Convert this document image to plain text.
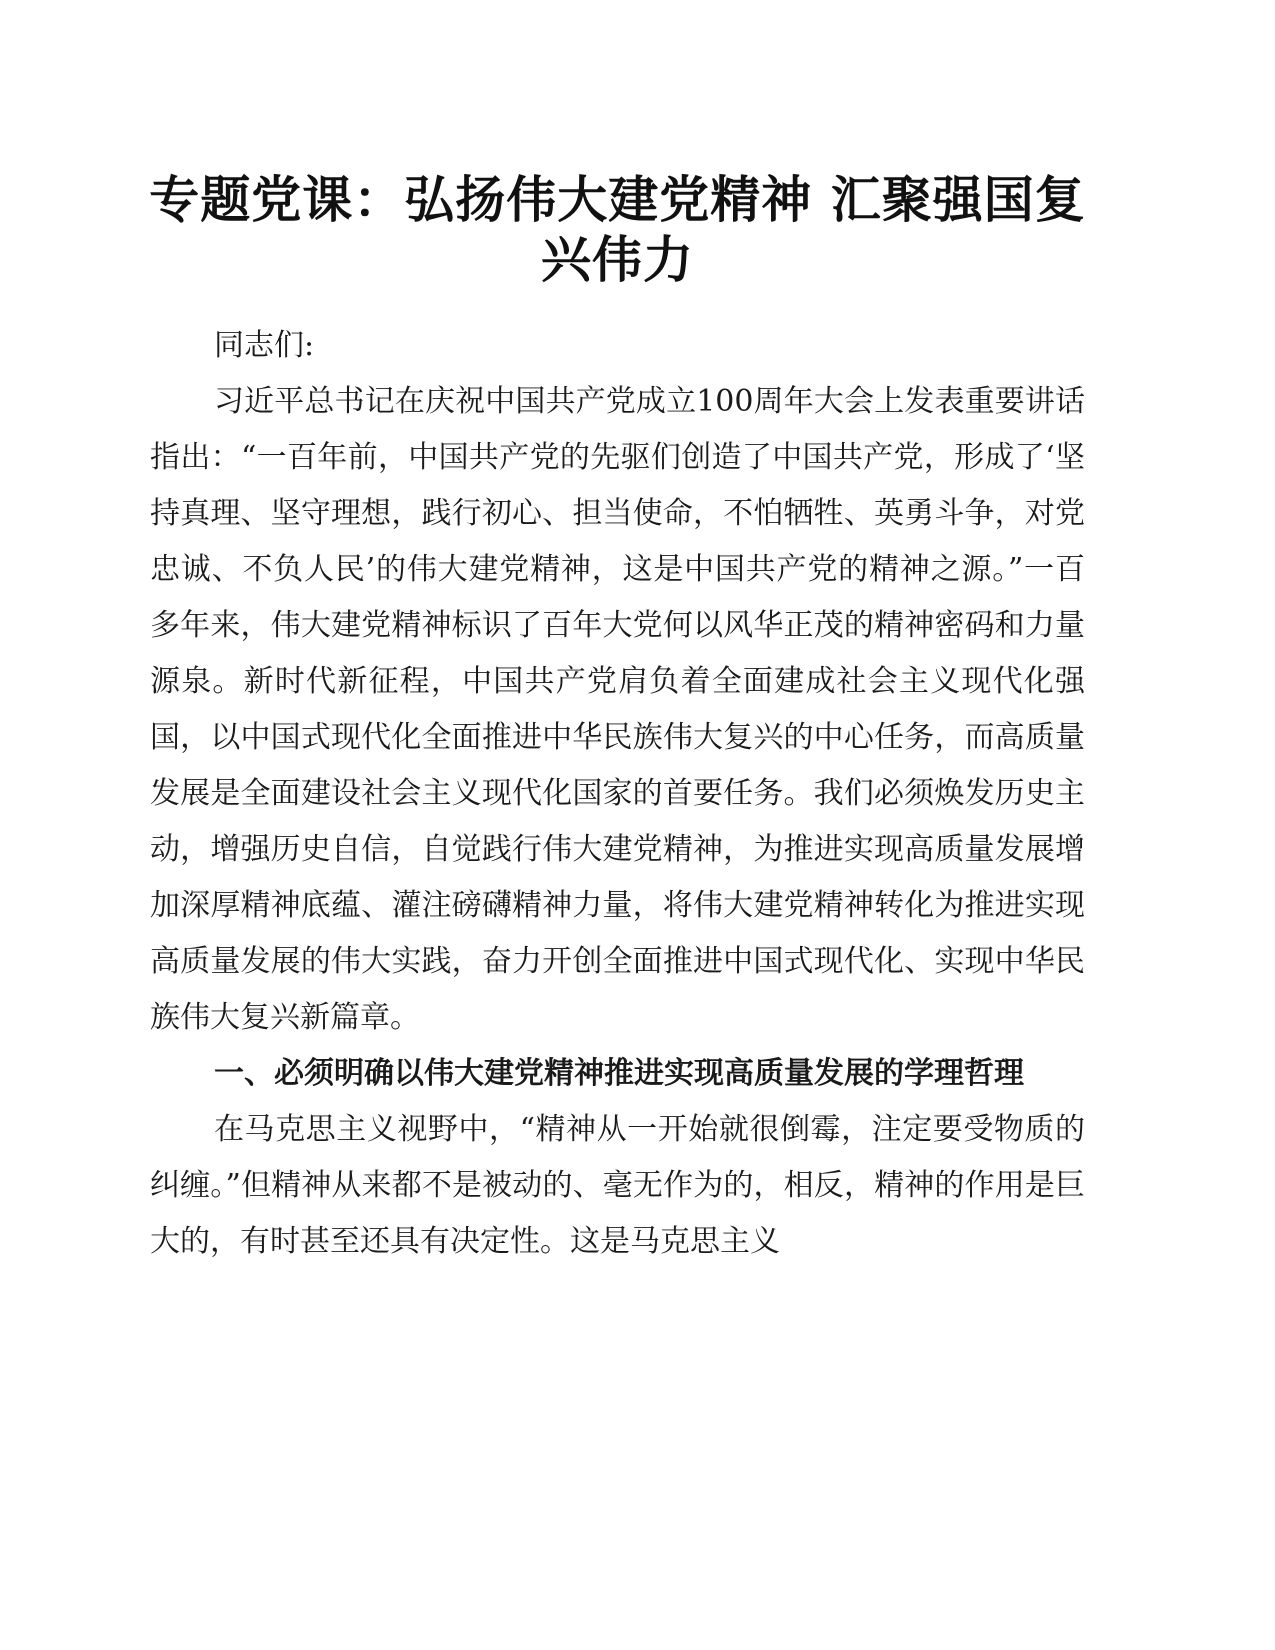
专题党课：弘扬伟大建党精神 汇聚强国复兴伟力

同志们:

习近平总书记在庆祝中国共产党成立100周年大会上发表重要讲话指出：“一百年前，中国共产党的先驱们创造了中国共产党，形成了‘坚持真理、坚守理想，践行初心、担当使命，不怕牺牲、英勇斗争，对党忠诚、不负人民’的伟大建党精神，这是中国共产党的精神之源。”一百多年来，伟大建党精神标识了百年大党何以风华正茂的精神密码和力量源泉。新时代新征程，中国共产党肩负着全面建成社会主义现代化强国，以中国式现代化全面推进中华民族伟大复兴的中心任务，而高质量发展是全面建设社会主义现代化国家的首要任务。我们必须焕发历史主动，增强历史自信，自觉践行伟大建党精神，为推进实现高质量发展增加深厚精神底蕴、灌注磅礴精神力量，将伟大建党精神转化为推进实现高质量发展的伟大实践，奋力开创全面推进中国式现代化、实现中华民族伟大复兴新篇章。

一、必须明确以伟大建党精神推进实现高质量发展的学理哲理

在马克思主义视野中，“精神从一开始就很倒霉，注定要受物质的纠缠。”但精神从来都不是被动的、毫无作为的，相反，精神的作用是巨大的，有时甚至还具有决定性。这是马克思主义
